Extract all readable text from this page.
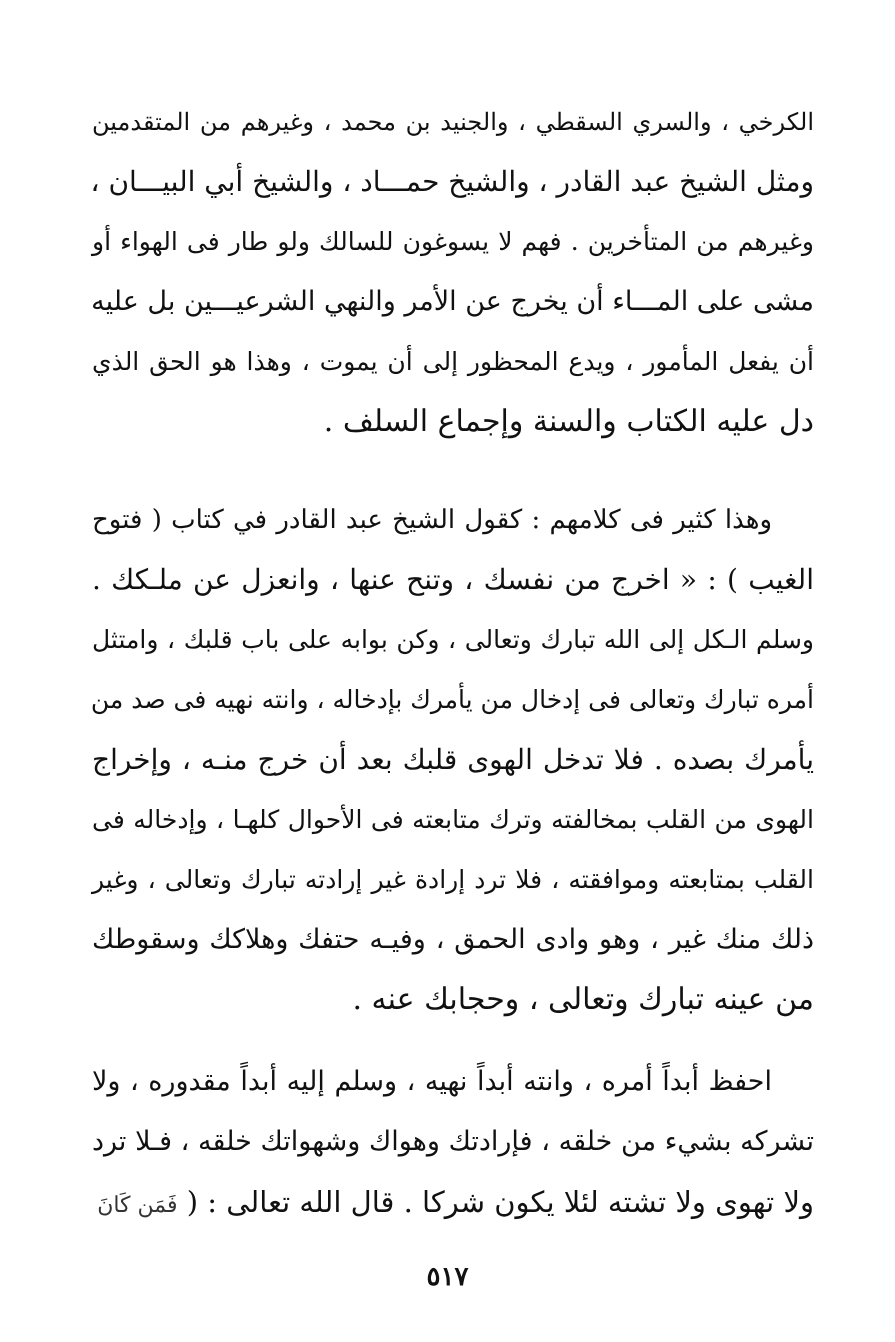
الكرخي ، والسري السقطي ، والجنيد بن محمد ، وغيرهم من المتقدمين
ومثل الشيخ عبد القادر ، والشيخ حمـــاد ، والشيخ أبي البيـــان ،
وغيرهم من المتأخرين . فهم لا يسوغون للسالك ولو طار فى الهواء أو
مشى على المـــاء أن يخرج عن الأمر والنهي الشرعيـــين بل عليه
أن يفعل المأمور ، ويدع المحظور إلى أن يموت ، وهذا هو الحق الذي
دل عليه الكتاب والسنة وإجماع السلف .
وهذا كثير فى كلامهم : كقول الشيخ عبد القادر في كتاب ( فتوح
الغيب ) : « اخرج من نفسك ، وتنح عنها ، وانعزل عن ملـكك .
وسلم الـكل إلى الله تبارك وتعالى ، وكن بوابه على باب قلبك ، وامتثل
أمره تبارك وتعالى فى إدخال من يأمرك بإدخاله ، وانته نهيه فى صد من
يأمرك بصده . فلا تدخل الهوى قلبك بعد أن خرج منـه ، وإخراج
الهوى من القلب بمخالفته وترك متابعته فى الأحوال كلهـا ، وإدخاله فى
القلب بمتابعته وموافقته ، فلا ترد إرادة غير إرادته تبارك وتعالى ، وغير
ذلك منك غير ، وهو وادى الحمق ، وفيـه حتفك وهلاكك وسقوطك
من عينه تبارك وتعالى ، وحجابك عنه .
احفظ أبداً أمره ، وانته أبداً نهيه ، وسلم إليه أبداً مقدوره ، ولا
تشركه بشيء من خلقه ، فإرادتك وهواك وشهواتك خلقه ، فـلا ترد
ولا تهوى ولا تشته لئلا يكون شركا . قال الله تعالى : ( فَمَن كَانَ
٥١٧
